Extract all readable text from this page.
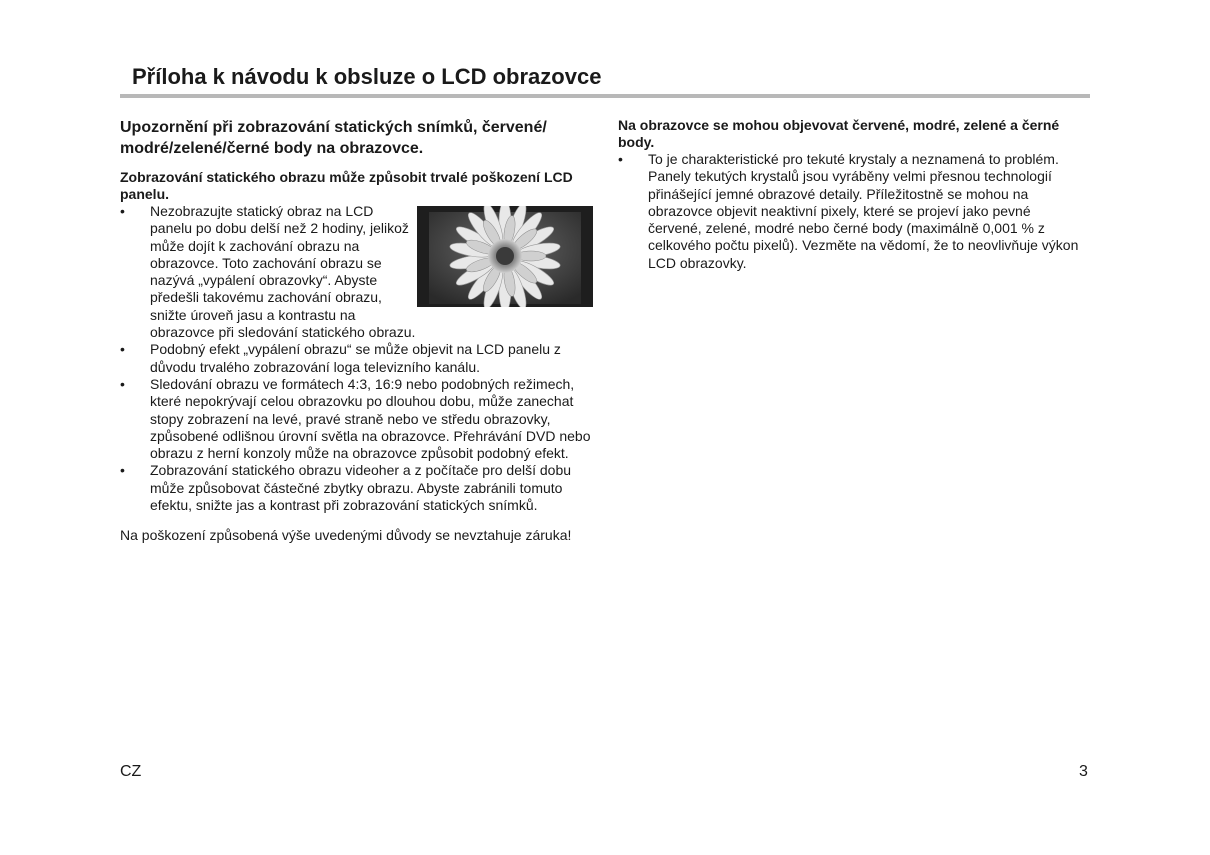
Příloha k návodu k obsluze o LCD obrazovce
Upozornění při zobrazování statických snímků, červené/ modré/zelené/černé body na obrazovce.
Zobrazování statického obrazu může způsobit trvalé poškození LCD panelu.
• Nezobrazujte statický obraz na LCD panelu po dobu delší než 2 hodiny, jelikož může dojít k zachování obrazu na obrazovce. Toto zachování obrazu se nazývá „vypálení obrazovky“. Abyste předešli takovému zachování obrazu, snižte úroveň jasu a kontrastu na obrazovce při sledování statického obrazu.
• Podobný efekt „vypálení obrazu“ se může objevit na LCD panelu z důvodu trvalého zobrazování loga televizního kanálu.
• Sledování obrazu ve formátech 4:3, 16:9 nebo podobných režimech, které nepokrývají celou obrazovku po dlouhou dobu, může zanechat stopy zobrazení na levé, pravé straně nebo ve středu obrazovky, způsobené odlišnou úrovní světla na obrazovce. Přehrávání DVD nebo obrazu z herní konzoly může na obrazovce způsobit podobný efekt.
• Zobrazování statického obrazu videoher a z počítače pro delší dobu může způsobovat částečné zbytky obrazu. Abyste zabránili tomuto efektu, snižte jas a kontrast při zobrazování statických snímků.
Na poškození způsobená výše uvedenými důvody se nevztahuje záruka!
Na obrazovce se mohou objevovat červené, modré, zelené a černé body.
• To je charakteristické pro tekuté krystaly a neznamená to problém. Panely tekutých krystalů jsou vyráběny velmi přesnou technologií přinášející jemné obrazové detaily. Příležitostně se mohou na obrazovce objevit neaktivní pixely, které se projeví jako pevné červené, zelené, modré nebo černé body (maximálně 0,001 % z celkového počtu pixelů). Vezměte na vědomí, že to neovlivňuje výkon LCD obrazovky.
CZ	3
